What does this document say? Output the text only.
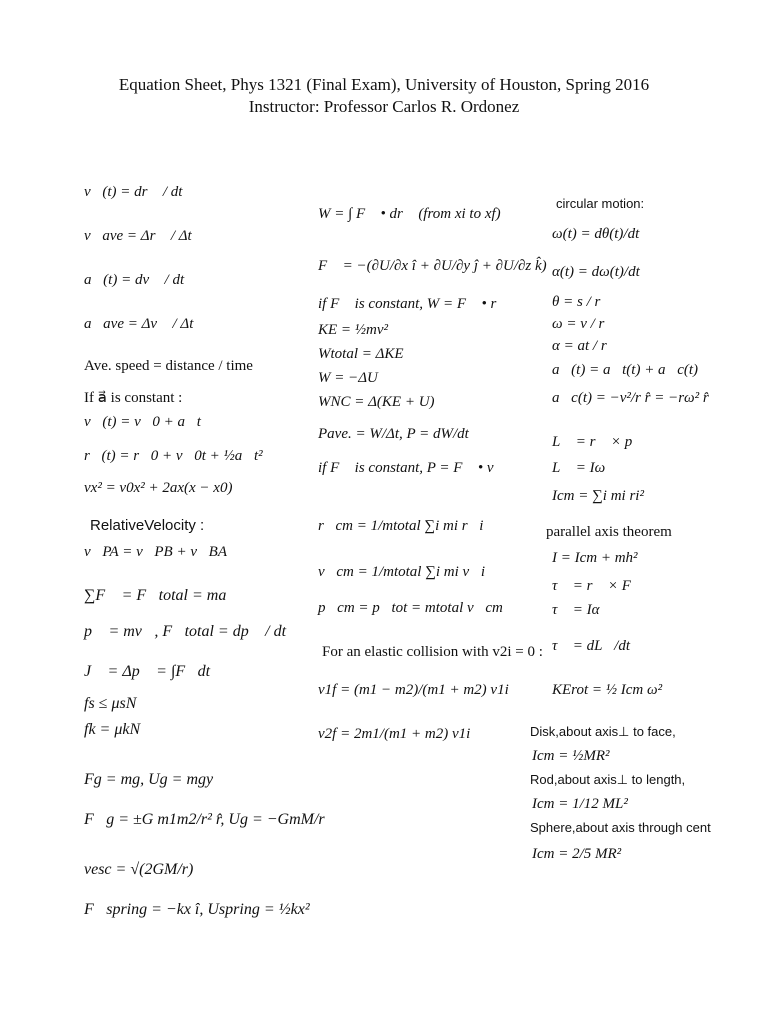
Equation Sheet, Phys 1321 (Final Exam), University of Houston, Spring 2016
Instructor: Professor Carlos R. Ordonez
v⃗(t) = dr⃗ / dt
v⃗ave = Δr⃗ / Δt
a⃗(t) = dv⃗ / dt
a⃗ave = Δv⃗ / Δt
Ave. speed = distance / time
If a⃗ is constant :
v⃗(t) = v⃗0 + a⃗t
r⃗(t) = r⃗0 + v⃗0t + ½a⃗t²
vx² = v0x² + 2ax(x − x0)
RelativeVelocity :
v⃗PA = v⃗PB + v⃗BA
∑F⃗ = F⃗total = ma⃗
p⃗ = mv⃗, F⃗total = dp⃗ / dt
J⃗ = Δp⃗ = ∫F⃗dt
fs ≤ μsN
fk = μkN
Fg = mg, Ug = mgy
F⃗g = ±G m1m2/r² r̂, Ug = −GmM/r
vesc = √(2GM/r)
F⃗spring = −kx î, Uspring = ½kx²
W = ∫ F⃗ • dr⃗ (from xi to xf)
F⃗ = −(∂U/∂x î + ∂U/∂y ĵ + ∂U/∂z k̂)
if F⃗ is constant, W = F⃗ • r⃗
KE = ½mv²
Wtotal = ΔKE
W = −ΔU
WNC = Δ(KE + U)
Pave. = W/Δt, P = dW/dt
if F⃗ is constant, P = F⃗ • v⃗
r⃗cm = 1/mtotal ∑i mi r⃗i
v⃗cm = 1/mtotal ∑i mi v⃗i
p⃗cm = p⃗tot = mtotal v⃗cm
For an elastic collision with v2i = 0 :
v1f = (m1 − m2)/(m1 + m2) v1i
v2f = 2m1/(m1 + m2) v1i
circular motion:
ω(t) = dθ(t)/dt
α(t) = dω(t)/dt
θ = s / r
ω = v / r
α = at / r
a⃗(t) = a⃗t(t) + a⃗c(t)
a⃗c(t) = −v²/r r̂ = −rω² r̂
L⃗ = r⃗ × p⃗
L⃗ = Iω⃗
Icm = ∑i mi ri²
parallel axis theorem
I = Icm + mh²
τ⃗ = r⃗ × F⃗
τ⃗ = Iα⃗
τ⃗ = dL⃗/dt
KErot = ½ Icm ω²
Disk,about axis⊥ to face,
Icm = ½MR²
Rod,about axis⊥ to length,
Icm = 1/12 ML²
Sphere,about axis through cent
Icm = 2/5 MR²
